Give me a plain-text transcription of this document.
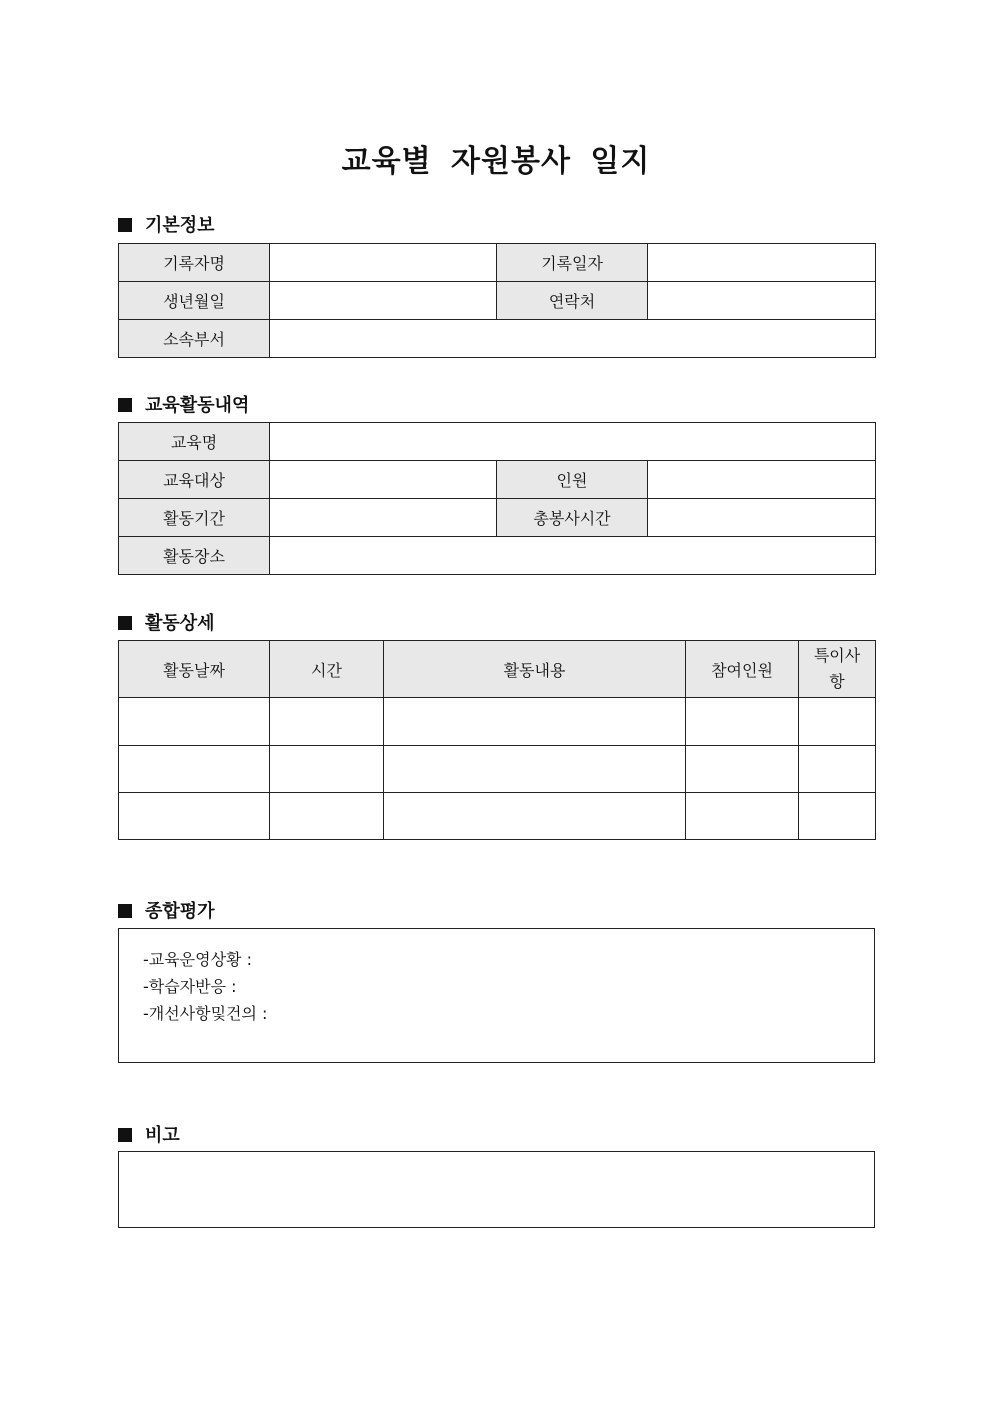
교육별 자원봉사 일지
기본정보
기록자명		기록일자	
생년월일		연락처	
소속부서			
교육활동내역
교육명			
교육대상		인원	
활동기간		총봉사시간	
활동장소			
활동상세
활동날짜	시간	활동내용	참여인원	특이사항

종합평가
-교육운영상황 :
-학습자반응 :
-개선사항및건의 :
비고
